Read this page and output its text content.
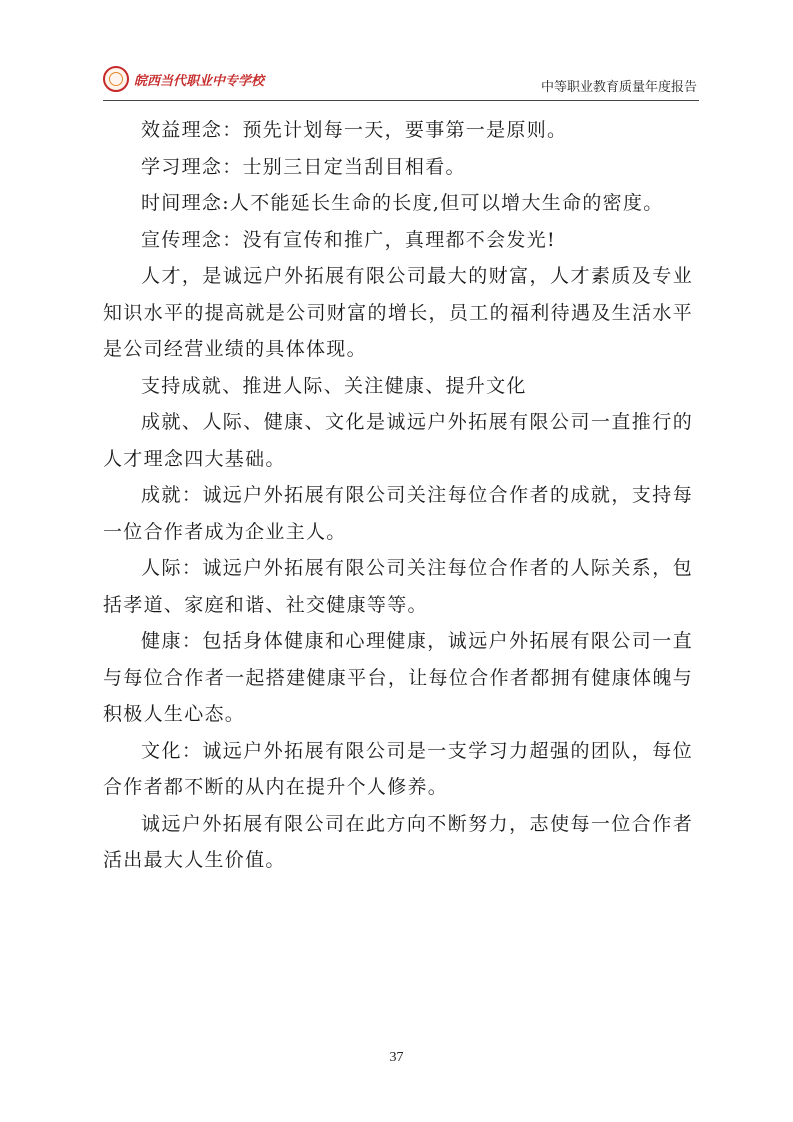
皖西当代职业中专学校	中等职业教育质量年度报告

效益理念：预先计划每一天，要事第一是原则。

学习理念：士别三日定当刮目相看。

时间理念:人不能延长生命的长度,但可以增大生命的密度。

宣传理念：没有宣传和推广，真理都不会发光!

人才，是诚远户外拓展有限公司最大的财富，人才素质及专业知识水平的提高就是公司财富的增长，员工的福利待遇及生活水平是公司经营业绩的具体体现。

支持成就、推进人际、关注健康、提升文化

成就、人际、健康、文化是诚远户外拓展有限公司一直推行的人才理念四大基础。

成就：诚远户外拓展有限公司关注每位合作者的成就，支持每一位合作者成为企业主人。

人际：诚远户外拓展有限公司关注每位合作者的人际关系，包括孝道、家庭和谐、社交健康等等。

健康：包括身体健康和心理健康，诚远户外拓展有限公司一直与每位合作者一起搭建健康平台，让每位合作者都拥有健康体魄与积极人生心态。

文化：诚远户外拓展有限公司是一支学习力超强的团队，每位合作者都不断的从内在提升个人修养。

诚远户外拓展有限公司在此方向不断努力，志使每一位合作者活出最大人生价值。

37
